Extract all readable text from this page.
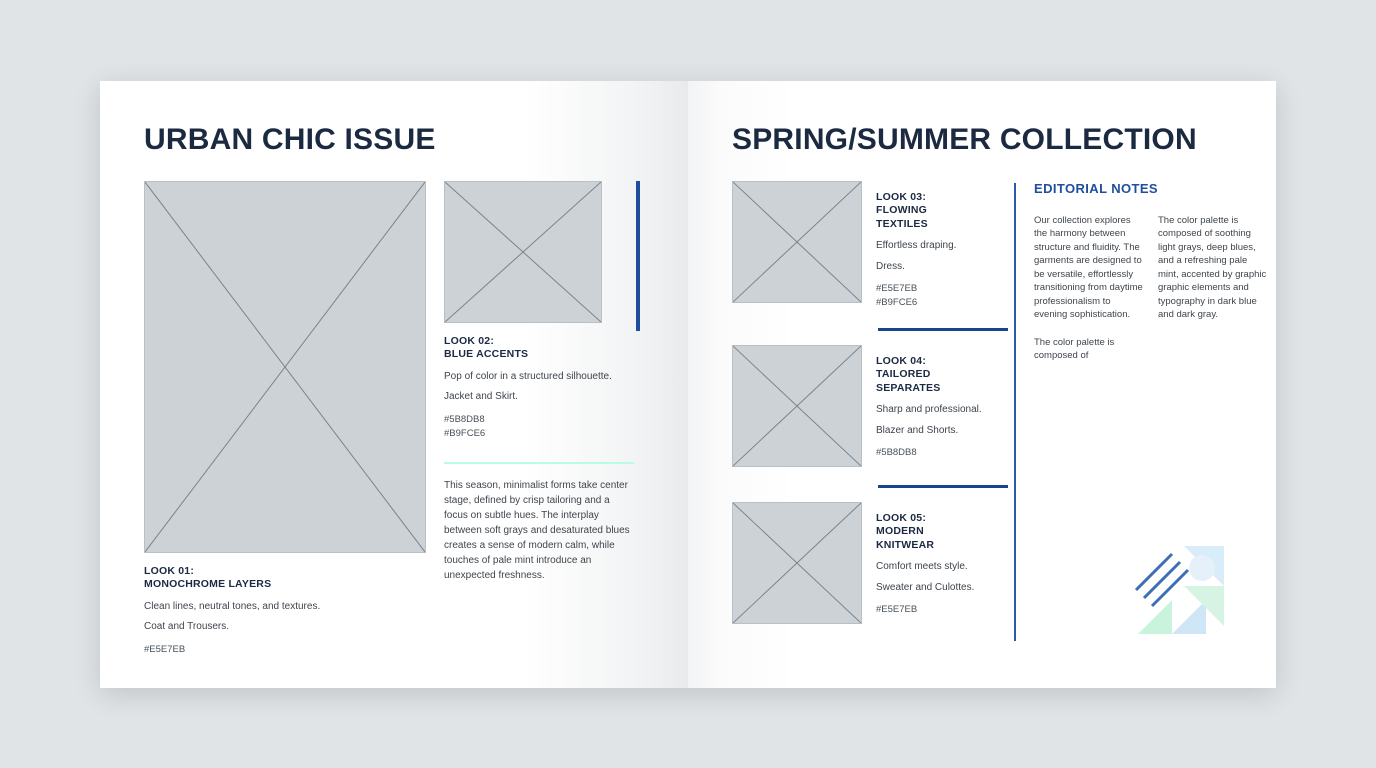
URBAN CHIC ISSUE
LOOK 01:
MONOCHROME LAYERS
Clean lines, neutral tones, and textures.
Coat and Trousers.
#E5E7EB
LOOK 02:
BLUE ACCENTS
Pop of color in a structured silhouette.
Jacket and Skirt.
#5B8DB8
#B9FCE6
This season, minimalist forms take center stage, defined by crisp tailoring and a focus on subtle hues. The interplay between soft grays and desaturated blues creates a sense of modern calm, while touches of pale mint introduce an unexpected freshness.
SPRING/SUMMER COLLECTION
LOOK 03:
FLOWING
TEXTILES
Effortless draping.
Dress.
#E5E7EB
#B9FCE6
LOOK 04:
TAILORED
SEPARATES
Sharp and professional.
Blazer and Shorts.
#5B8DB8
LOOK 05:
MODERN
KNITWEAR
Comfort meets style.
Sweater and Culottes.
#E5E7EB
EDITORIAL NOTES

Our collection explores the harmony between structure and fluidity. The garments are designed to be versatile, effortlessly transitioning from daytime professionalism to evening sophistication.

The color palette is composed of

The color palette is composed of soothing light grays, deep blues, and a refreshing pale mint, accented by graphic graphic elements and typography in dark blue and dark gray.
